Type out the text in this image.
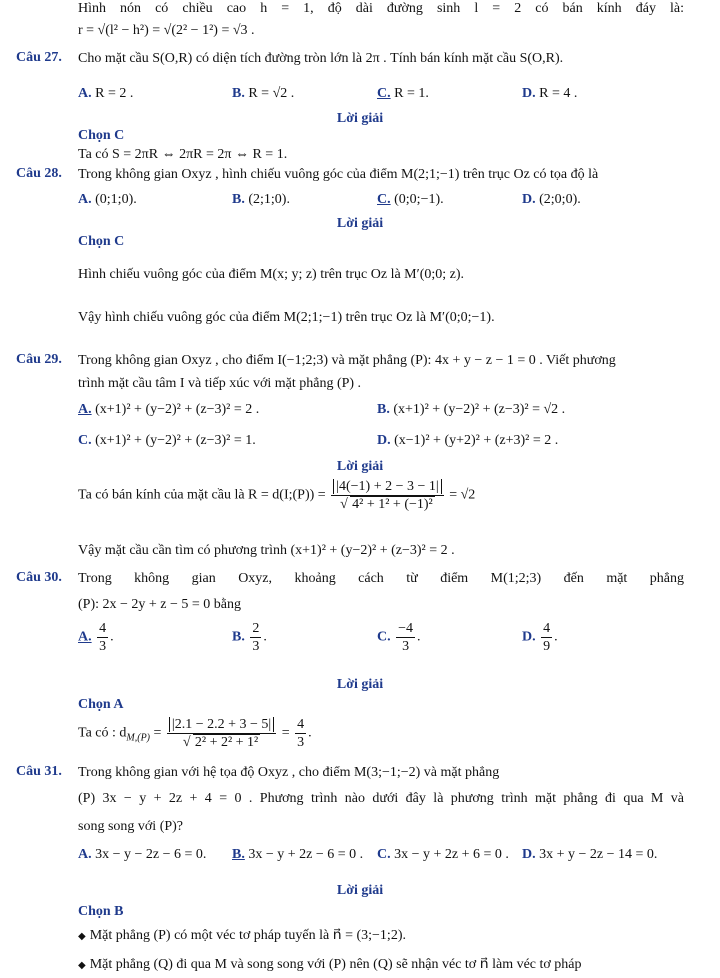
Hình nón có chiều cao h = 1, độ dài đường sinh l = 2 có bán kính đáy là:
r = √(l² − h²) = √(2² − 1²) = √3 .
Câu 27. Cho mặt cầu S(O,R) có diện tích đường tròn lớn là 2π . Tính bán kính mặt cầu S(O,R).
A. R = 2 .	B. R = √2 .	C. R = 1.	D. R = 4 .
Lời giải
Chọn C
Ta có S = 2πR ⇔ 2πR = 2π ⇔ R = 1.
Câu 28. Trong không gian Oxyz , hình chiếu vuông góc của điểm M(2;1;−1) trên trục Oz có tọa độ là
A. (0;1;0).	B. (2;1;0).	C. (0;0;−1).	D. (2;0;0).
Lời giải
Chọn C
Hình chiếu vuông góc của điểm M(x; y; z) trên trục Oz là M′(0;0; z).
Vậy hình chiếu vuông góc của điểm M(2;1;−1) trên trục Oz là M′(0;0;−1).
Câu 29. Trong không gian Oxyz , cho điểm I(−1;2;3) và mặt phẳng (P): 4x + y − z − 1 = 0 . Viết phương
trình mặt cầu tâm I và tiếp xúc với mặt phẳng (P) .
A. (x+1)² + (y−2)² + (z−3)² = 2 .	B. (x+1)² + (y−2)² + (z−3)² = √2 .
C. (x+1)² + (y−2)² + (z−3)² = 1.	D. (x−1)² + (y+2)² + (z+3)² = 2 .
Lời giải
Ta có bán kính của mặt cầu là R = d(I;(P)) = |4(−1) + 2 − 3 − 1|
√ 4² + 1² + (−1)² = √2
Vậy mặt cầu cần tìm có phương trình (x+1)² + (y−2)² + (z−3)² = 2 .
Câu 30. Trong không gian Oxyz, khoảng cách từ điểm M(1;2;3) đến mặt phẳng
(P): 2x − 2y + z − 5 = 0 bằng
A. $\frac{4}{3}$ .	B. $\frac{2}{3}$ .	C. $\frac{-4}{3}$ .	D. $\frac{4}{9}$ .
Lời giải
Chọn A
Ta có : $d_{M,(P)} = |2.1 - 2.2 + 3 - 5|$
√ $2^2 + 2^2 + 1^2 = \frac{4}{3}$ .
Câu 31. Trong không gian với hệ tọa độ Oxyz , cho điểm M(3;−1;−2) và mặt phẳng
(P) 3x − y + 2z + 4 = 0 . Phương trình nào dưới đây là phương trình mặt phẳng đi qua M và
song song với (P)?
A. 3x − y − 2z − 6 = 0. B. 3x − y + 2z − 6 = 0 . C. 3x − y + 2z + 6 = 0 . D. 3x + y − 2z − 14 = 0.
Lời giải
Chọn B
◆ Mặt phẳng (P) có một véc tơ pháp tuyến là n⃗ = (3;−1;2).
◆ Mặt phẳng (Q) đi qua M và song song với (P) nên (Q) sẽ nhận véc tơ n⃗ làm véc tơ pháp
